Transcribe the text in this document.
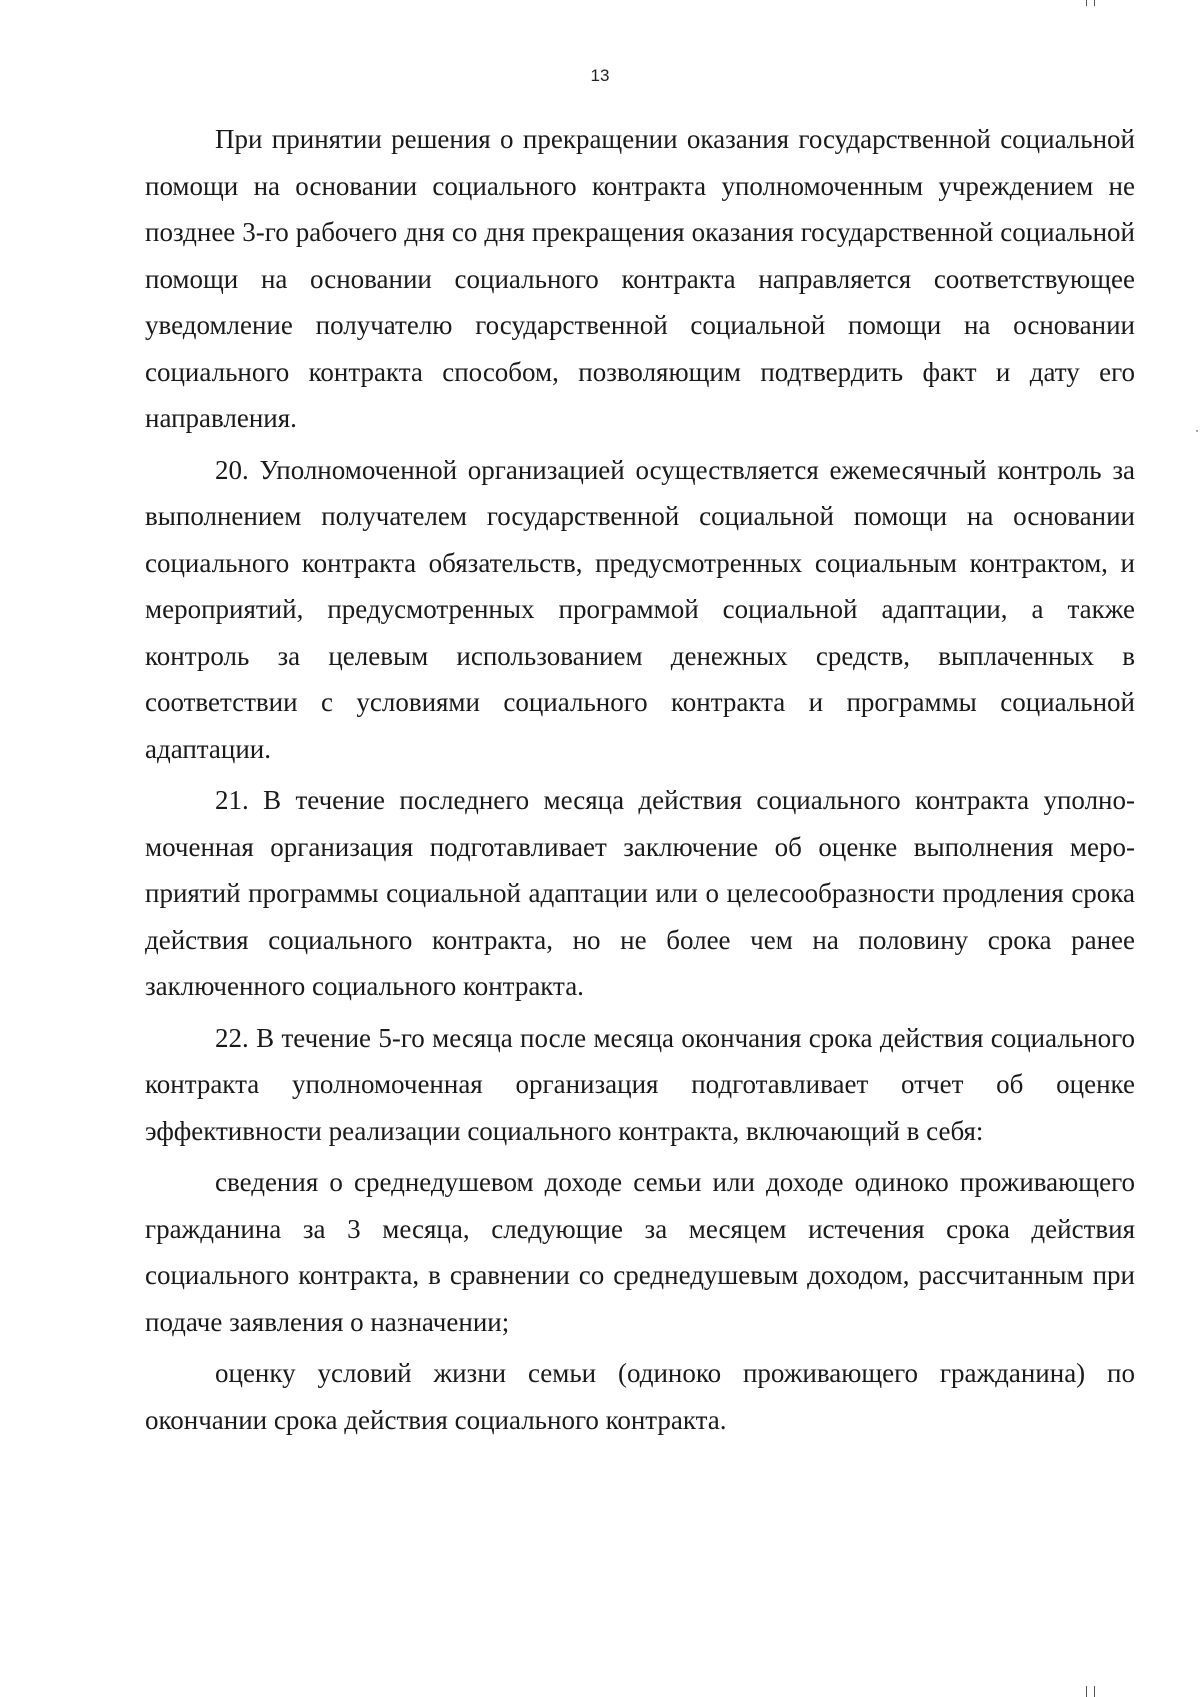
13

При принятии решения о прекращении оказания государственной социальной помощи на основании социального контракта уполномоченным учреждением не позднее 3-го рабочего дня со дня прекращения оказания государственной социальной помощи на основании социального контракта направляется соответствующее уведомление получателю государственной социальной помощи на основании социального контракта способом, позволяющим подтвердить факт и дату его направления.

20. Уполномоченной организацией осуществляется ежемесячный контроль за выполнением получателем государственной социальной помощи на основании социального контракта обязательств, предусмотренных социальным контрактом, и мероприятий, предусмотренных программой социальной адаптации, а также контроль за целевым использованием денежных средств, выплаченных в соответствии с условиями социального контракта и программы социальной адаптации.

21. В течение последнего месяца действия социального контракта уполномоченная организация подготавливает заключение об оценке выполнения мероприятий программы социальной адаптации или о целесообразности продления срока действия социального контракта, но не более чем на половину срока ранее заключенного социального контракта.

22. В течение 5-го месяца после месяца окончания срока действия социального контракта уполномоченная организация подготавливает отчет об оценке эффективности реализации социального контракта, включающий в себя:

сведения о среднедушевом доходе семьи или доходе одиноко проживающего гражданина за 3 месяца, следующие за месяцем истечения срока действия социального контракта, в сравнении со среднедушевым доходом, рассчитанным при подаче заявления о назначении;

оценку условий жизни семьи (одиноко проживающего гражданина) по окончании срока действия социального контракта.
